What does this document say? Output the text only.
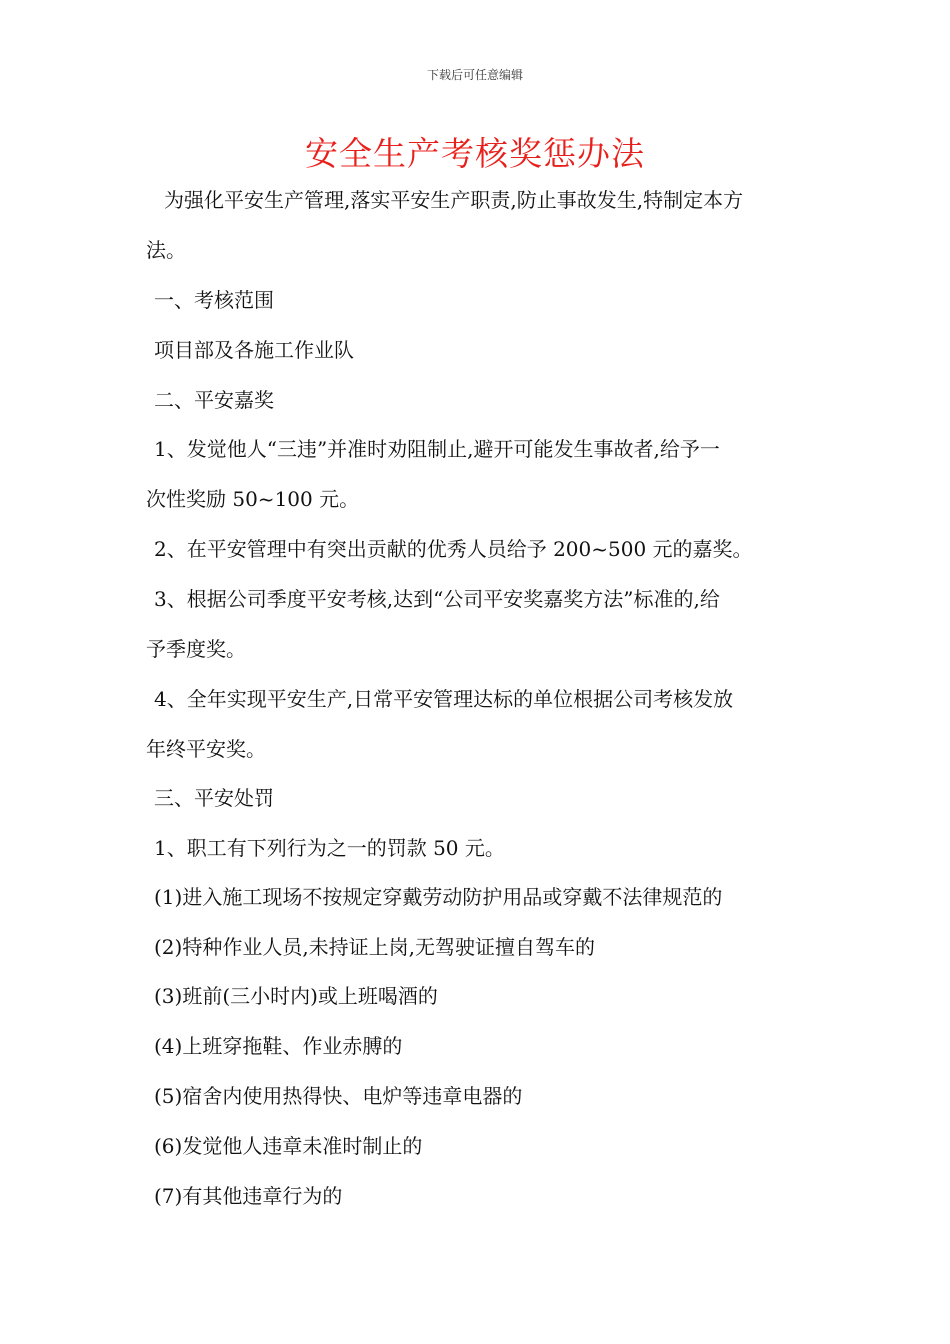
下载后可任意编辑
安全生产考核奖惩办法
为强化平安生产管理,落实平安生产职责,防止事故发生,特制定本方
法。
一、考核范围
项目部及各施工作业队
二、平安嘉奖
1、发觉他人“三违”并准时劝阻制止,避开可能发生事故者,给予一
次性奖励 50~100 元。
2、在平安管理中有突出贡献的优秀人员给予 200~500 元的嘉奖。
3、根据公司季度平安考核,达到“公司平安奖嘉奖方法”标准的,给
予季度奖。
4、全年实现平安生产,日常平安管理达标的单位根据公司考核发放
年终平安奖。
三、平安处罚
1、职工有下列行为之一的罚款 50 元。
(1)进入施工现场不按规定穿戴劳动防护用品或穿戴不法律规范的
(2)特种作业人员,未持证上岗,无驾驶证擅自驾车的
(3)班前(三小时内)或上班喝酒的
(4)上班穿拖鞋、作业赤膊的
(5)宿舍内使用热得快、电炉等违章电器的
(6)发觉他人违章未准时制止的
(7)有其他违章行为的
